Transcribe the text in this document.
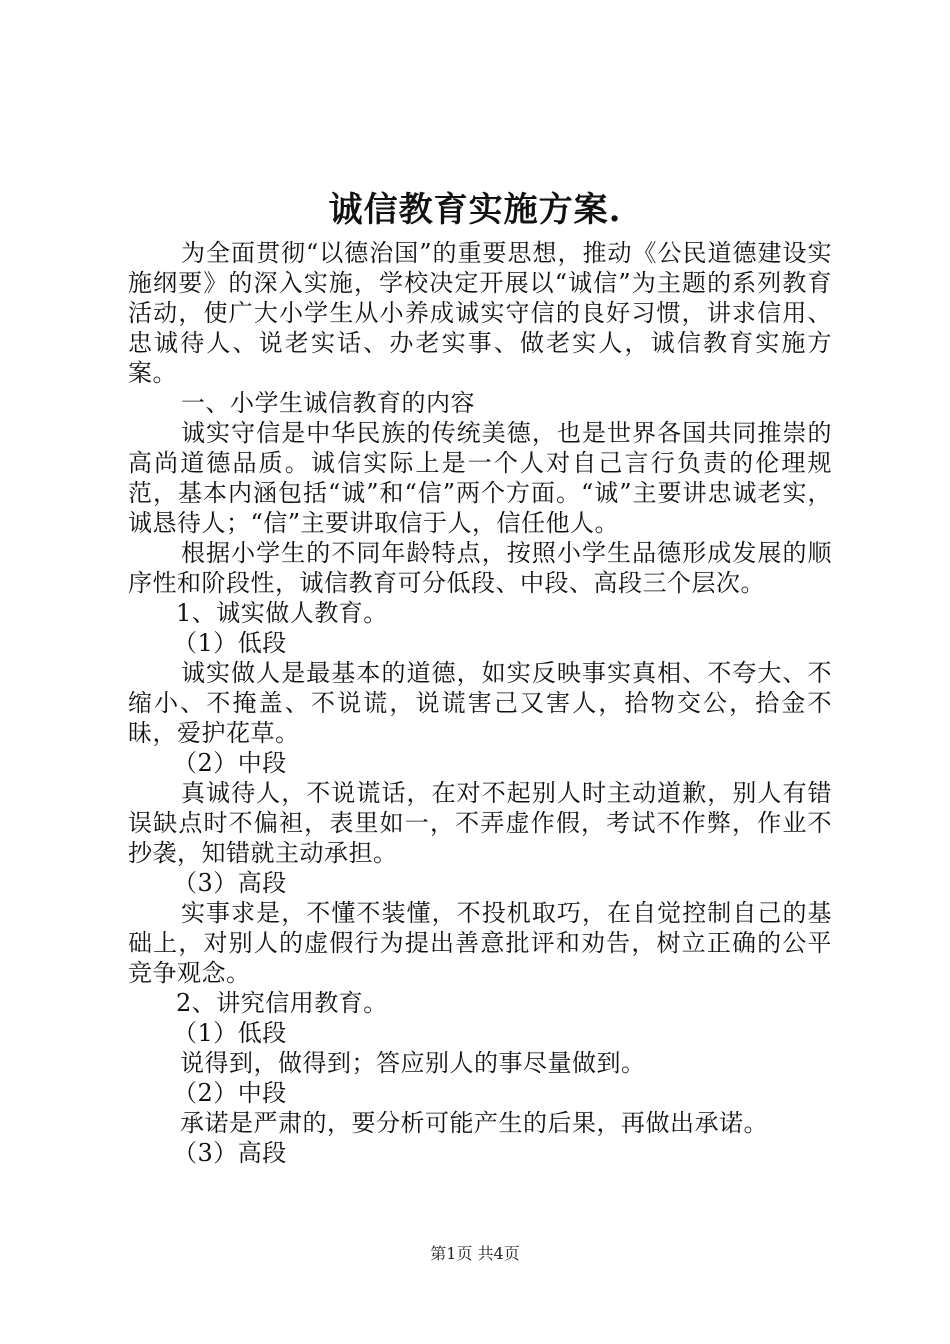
诚信教育实施方案.

为全面贯彻“以德治国”的重要思想，推动《公民道德建设实施纲要》的深入实施，学校决定开展以“诚信”为主题的系列教育活动，使广大小学生从小养成诚实守信的良好习惯，讲求信用、忠诚待人、说老实话、办老实事、做老实人，诚信教育实施方案。

一、小学生诚信教育的内容

诚实守信是中华民族的传统美德，也是世界各国共同推崇的高尚道德品质。诚信实际上是一个人对自己言行负责的伦理规范，基本内涵包括“诚”和“信”两个方面。“诚”主要讲忠诚老实，诚恳待人；“信”主要讲取信于人，信任他人。

根据小学生的不同年龄特点，按照小学生品德形成发展的顺序性和阶段性，诚信教育可分低段、中段、高段三个层次。

1、诚实做人教育。

（1）低段

诚实做人是最基本的道德，如实反映事实真相、不夸大、不缩小、不掩盖、不说谎，说谎害己又害人，拾物交公，拾金不昧，爱护花草。

（2）中段

真诚待人，不说谎话，在对不起别人时主动道歉，别人有错误缺点时不偏袒，表里如一，不弄虚作假，考试不作弊，作业不抄袭，知错就主动承担。

（3）高段

实事求是，不懂不装懂，不投机取巧，在自觉控制自己的基础上，对别人的虚假行为提出善意批评和劝告，树立正确的公平竞争观念。

2、讲究信用教育。

（1）低段

说得到，做得到；答应别人的事尽量做到。

（2）中段

承诺是严肃的，要分析可能产生的后果，再做出承诺。

（3）高段

第1页 共4页
